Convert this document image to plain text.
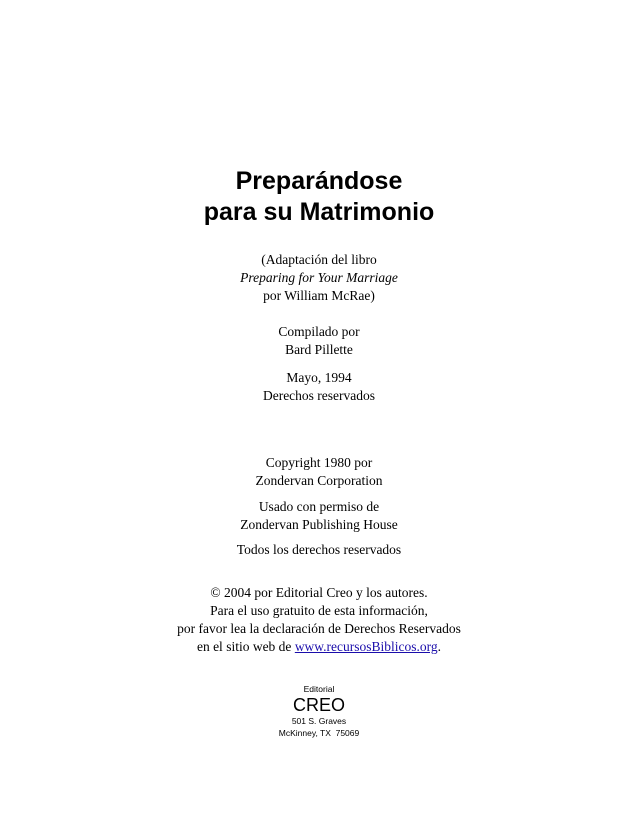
Preparándose
para su Matrimonio
(Adaptación del libro
Preparing for Your Marriage
por William McRae)
Compilado por
Bard Pillette
Mayo, 1994
Derechos reservados
Copyright 1980 por
Zondervan Corporation
Usado con permiso de
Zondervan Publishing House
Todos los derechos reservados
© 2004 por Editorial Creo y los autores.
Para el uso gratuito de esta información,
por favor lea la declaración de Derechos Reservados
en el sitio web de www.recursosBiblicos.org.
Editorial
CREO
501 S. Graves
McKinney, TX  75069
